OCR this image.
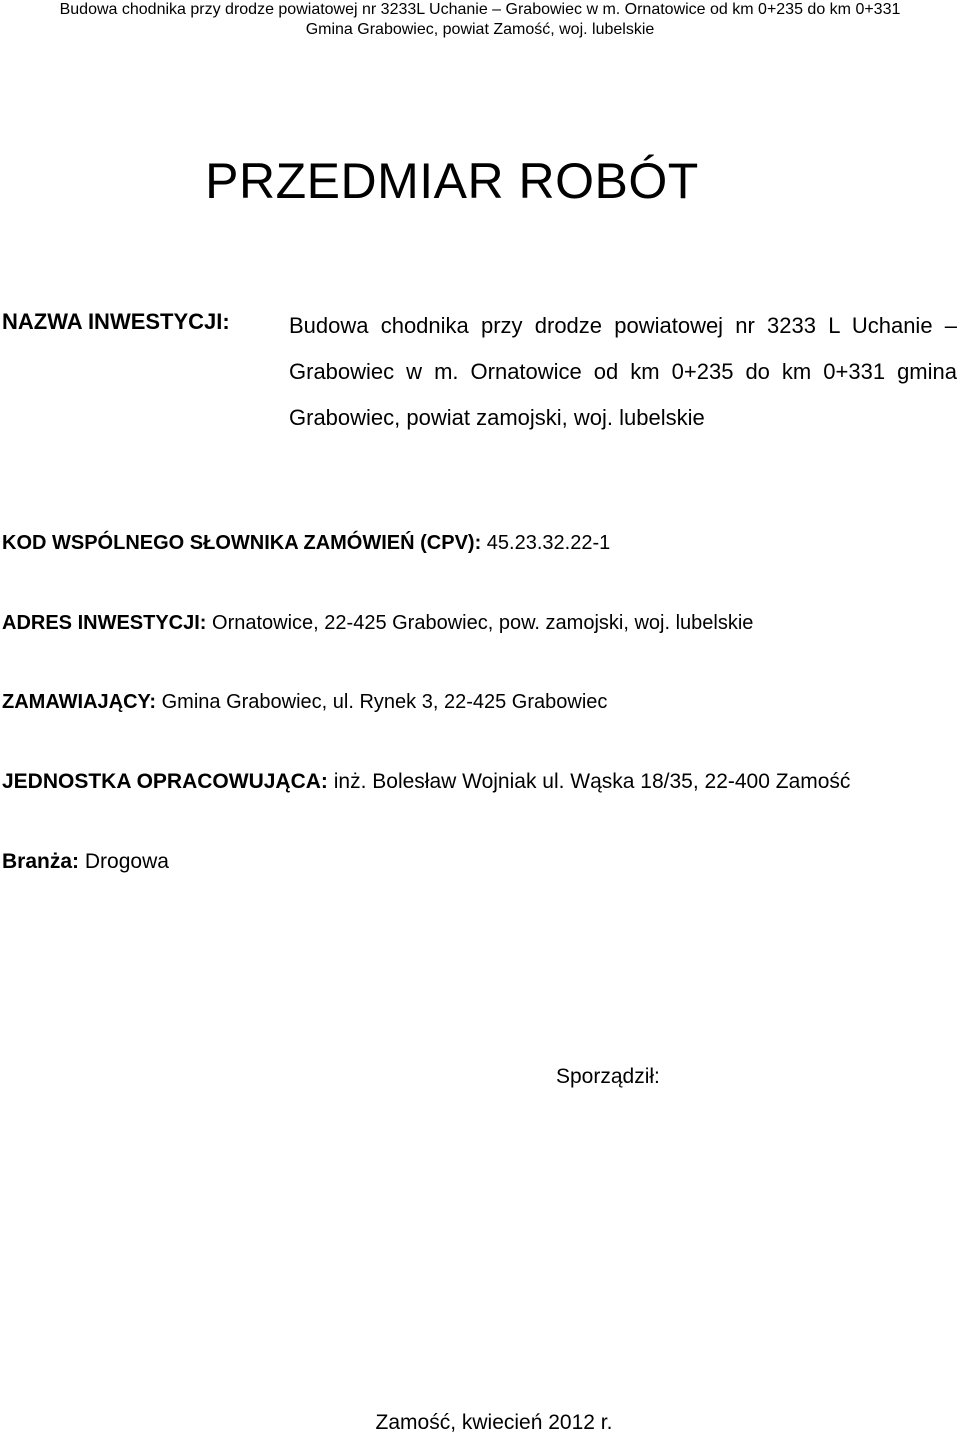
Budowa chodnika przy drodze powiatowej nr 3233L Uchanie – Grabowiec w m. Ornatowice od km 0+235 do km 0+331
Gmina Grabowiec, powiat Zamość, woj. lubelskie
PRZEDMIAR ROBÓT
NAZWA INWESTYCJI:	Budowa chodnika przy drodze powiatowej nr 3233 L Uchanie – Grabowiec w m. Ornatowice od km 0+235 do km 0+331 gmina Grabowiec, powiat zamojski, woj. lubelskie
KOD WSPÓLNEGO SŁOWNIKA ZAMÓWIEŃ (CPV): 45.23.32.22-1
ADRES INWESTYCJI: Ornatowice, 22-425 Grabowiec, pow. zamojski, woj. lubelskie
ZAMAWIAJĄCY: Gmina Grabowiec, ul. Rynek 3, 22-425 Grabowiec
JEDNOSTKA OPRACOWUJĄCA: inż. Bolesław Wojniak ul. Wąska 18/35, 22-400 Zamość
Branża: Drogowa
Sporządził:
Zamość, kwiecień 2012 r.
